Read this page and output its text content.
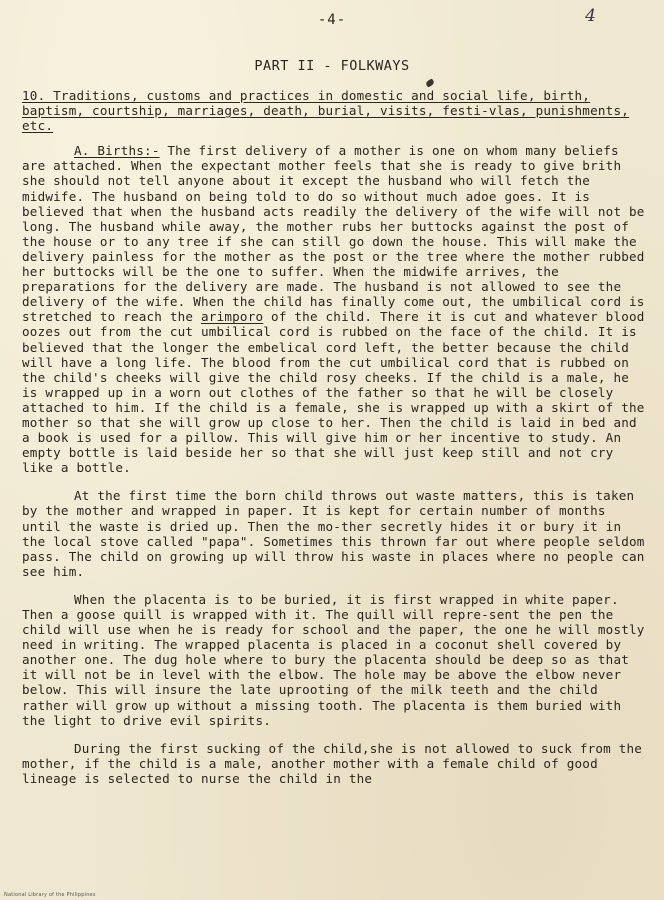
-4-	4
PART II - FOLKWAYS

10. Traditions, customs and practices in domestic and social life, birth, baptism, courtship, marriages, death, burial, visits, festi-vlas, punishments, etc.

A. Births:- The first delivery of a mother is one on whom many beliefs are attached. When the expectant mother feels that she is ready to give brith she should not tell anyone about it except the husband who will fetch the midwife. The husband on being told to do so without much adoe goes. It is believed that when the husband acts readily the delivery of the wife will not be long. The husband while away, the mother rubs her buttocks against the post of the house or to any tree if she can still go down the house. This will make the delivery painless for the mother as the post or the tree where the mother rubbed her buttocks will be the one to suffer. When the midwife arrives, the preparations for the delivery are made. The husband is not allowed to see the delivery of the wife. When the child has finally come out, the umbilical cord is stretched to reach the arimporo of the child. There it is cut and whatever blood oozes out from the cut umbilical cord is rubbed on the face of the child. It is believed that the longer the embelical cord left, the better because the child will have a long life. The blood from the cut umbilical cord that is rubbed on the child's cheeks will give the child rosy cheeks. If the child is a male, he is wrapped up in a worn out clothes of the father so that he will be closely attached to him. If the child is a female, she is wrapped up with a skirt of the mother so that she will grow up close to her. Then the child is laid in bed and a book is used for a pillow. This will give him or her incentive to study. An empty bottle is laid beside her so that she will just keep still and not cry like a bottle.

At the first time the born child throws out waste matters, this is taken by the mother and wrapped in paper. It is kept for certain number of months until the waste is dried up. Then the mo-ther secretly hides it or bury it in the local stove called "papa". Sometimes this thrown far out where people seldom pass. The child on growing up will throw his waste in places where no people can see him.

When the placenta is to be buried, it is first wrapped in white paper. Then a goose quill is wrapped with it. The quill will repre-sent the pen the child will use when he is ready for school and the paper, the one he will mostly need in writing. The wrapped placenta is placed in a coconut shell covered by another one. The dug hole where to bury the placenta should be deep so as that it will not be in level with the elbow. The hole may be above the elbow never below. This will insure the late uprooting of the milk teeth and the child rather will grow up without a missing tooth. The placenta is them buried with the light to drive evil spirits.

During the first sucking of the child,she is not allowed to suck from the mother, if the child is a male, another mother with a female child of good lineage is selected to nurse the child in the

National Library of the Philippines
